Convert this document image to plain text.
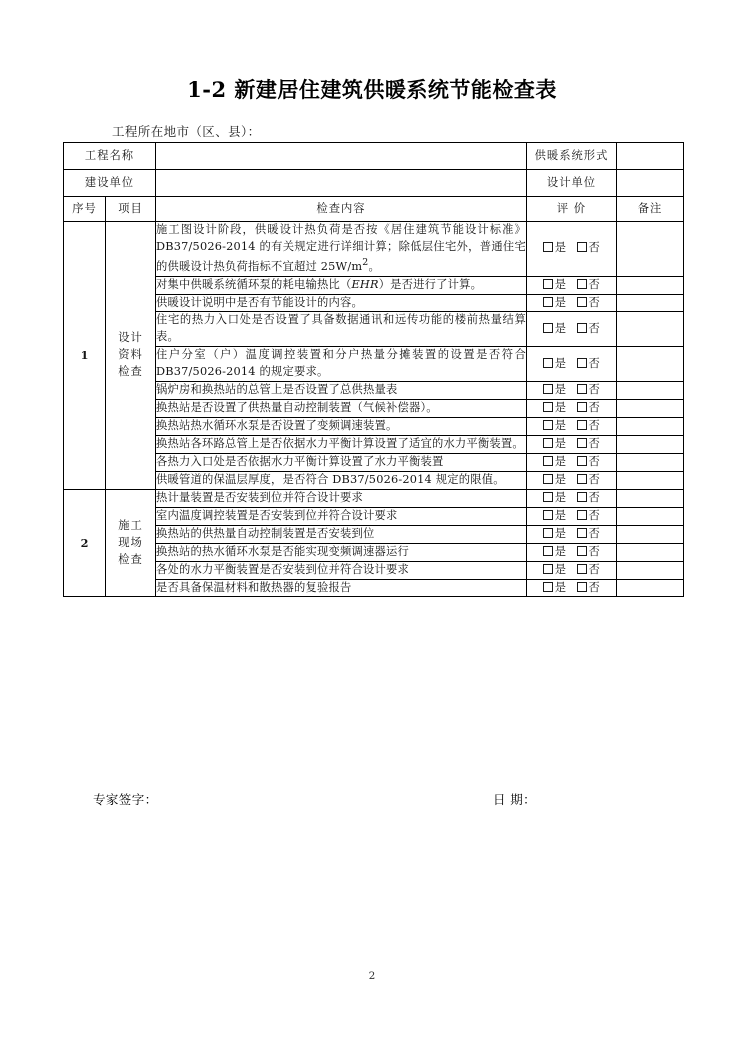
1-2 新建居住建筑供暖系统节能检查表
工程所在地市（区、县）：
工程名称			供暖系统形式	
建设单位			设计单位	
序号	项目	检查内容	评 价	备注
1	设计
资料
检查	施工图设计阶段，供暖设计热负荷是否按《居住建筑节能设计标准》DB37/5026-2014 的有关规定进行详细计算；除低层住宅外，普通住宅的供暖设计热负荷指标不宜超过 $25W/m^2$。	是 否	
		对集中供暖系统循环泵的耗电输热比（EHR）是否进行了计算。	是 否	
		供暖设计说明中是否有节能设计的内容。	是 否	
		住宅的热力入口处是否设置了具备数据通讯和远传功能的楼前热量结算表。	是 否	
		住户分室（户）温度调控装置和分户热量分摊装置的设置是否符合 DB37/5026-2014 的规定要求。	是 否	
		锅炉房和换热站的总管上是否设置了总供热量表	是 否	
		换热站是否设置了供热量自动控制装置（气候补偿器）。	是 否	
		换热站热水循环水泵是否设置了变频调速装置。	是 否	
		换热站各环路总管上是否依据水力平衡计算设置了适宜的水力平衡装置。	是 否	
		各热力入口处是否依据水力平衡计算设置了水力平衡装置	是 否	
		供暖管道的保温层厚度，是否符合 DB37/5026-2014 规定的限值。	是 否	
2	施工
现场
检查	热计量装置是否安装到位并符合设计要求	是 否	
		室内温度调控装置是否安装到位并符合设计要求	是 否	
		换热站的供热量自动控制装置是否安装到位	是 否	
		换热站的热水循环水泵是否能实现变频调速器运行	是 否	
		各处的水力平衡装置是否安装到位并符合设计要求	是 否	
		是否具备保温材料和散热器的复验报告	是 否	
专家签字：	日 期：
2
